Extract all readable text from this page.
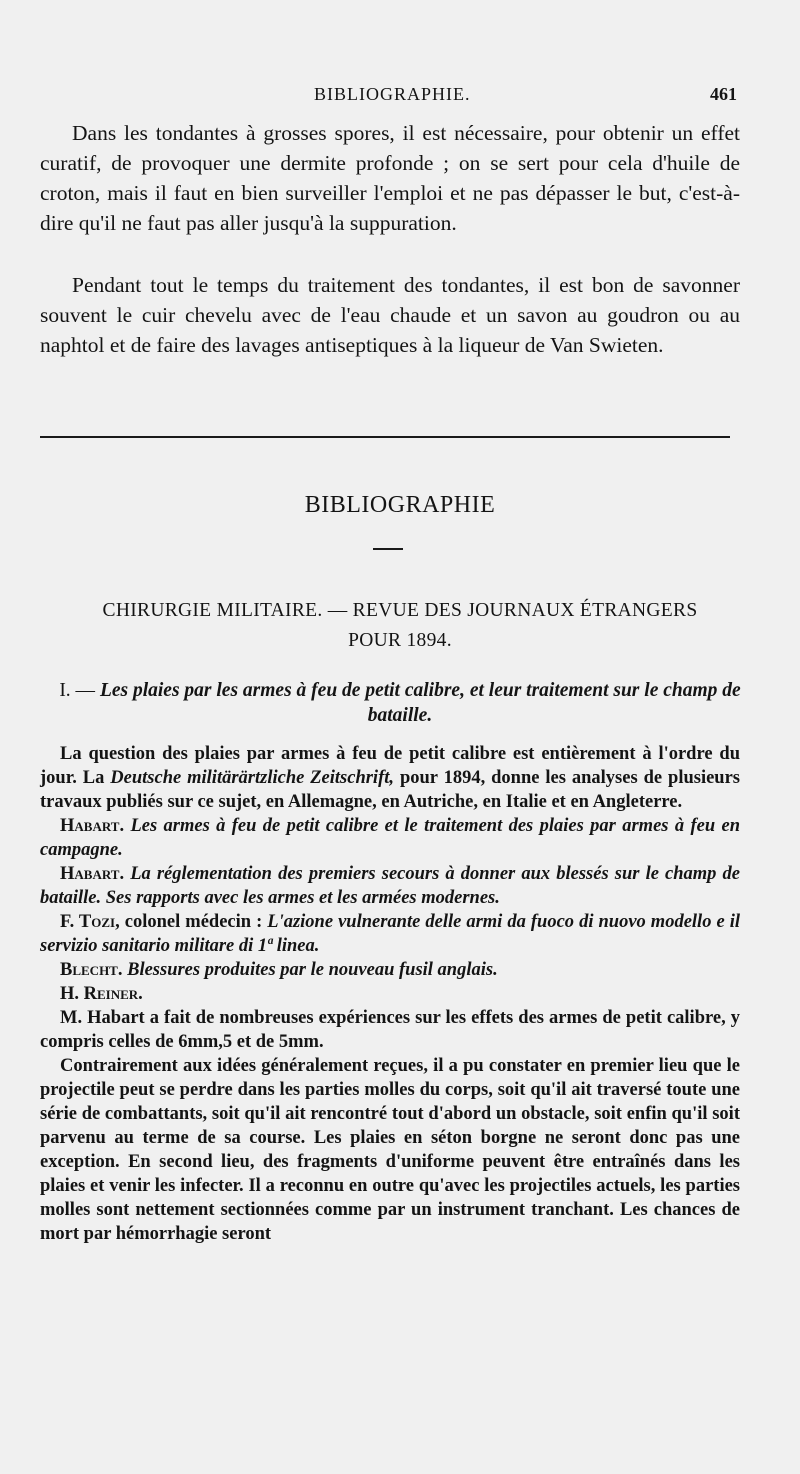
BIBLIOGRAPHIE.	461

Dans les tondantes à grosses spores, il est nécessaire, pour obtenir un effet curatif, de provoquer une dermite profonde ; on se sert pour cela d'huile de croton, mais il faut en bien surveiller l'emploi et ne pas dépasser le but, c'est-à-dire qu'il ne faut pas aller jusqu'à la suppuration.

Pendant tout le temps du traitement des tondantes, il est bon de savonner souvent le cuir chevelu avec de l'eau chaude et un savon au goudron ou au naphtol et de faire des lavages antiseptiques à la liqueur de Van Swieten.

BIBLIOGRAPHIE
CHIRURGIE MILITAIRE. — REVUE DES JOURNAUX ÉTRANGERS
POUR 1894.
I. — Les plaies par les armes à feu de petit calibre, et leur traitement sur le champ de bataille.

La question des plaies par armes à feu de petit calibre est entièrement à l'ordre du jour. La Deutsche militärärtzliche Zeitschrift, pour 1894, donne les analyses de plusieurs travaux publiés sur ce sujet, en Allemagne, en Autriche, en Italie et en Angleterre.

Habart. Les armes à feu de petit calibre et le traitement des plaies par armes à feu en campagne.

Habart. La réglementation des premiers secours à donner aux blessés sur le champ de bataille. Ses rapports avec les armes et les armées modernes.

F. Tozi, colonel médecin : L'azione vulnerante delle armi da fuoco di nuovo modello e il servizio sanitario militare di 1ª linea.

Blecht. Blessures produites par le nouveau fusil anglais.

H. Reiner.

M. Habart a fait de nombreuses expériences sur les effets des armes de petit calibre, y compris celles de 6mm,5 et de 5mm.

Contrairement aux idées généralement reçues, il a pu constater en premier lieu que le projectile peut se perdre dans les parties molles du corps, soit qu'il ait traversé toute une série de combattants, soit qu'il ait rencontré tout d'abord un obstacle, soit enfin qu'il soit parvenu au terme de sa course. Les plaies en séton borgne ne seront donc pas une exception. En second lieu, des fragments d'uniforme peuvent être entraînés dans les plaies et venir les infecter. Il a reconnu en outre qu'avec les projectiles actuels, les parties molles sont nettement sectionnées comme par un instrument tranchant. Les chances de mort par hémorrhagie seront
